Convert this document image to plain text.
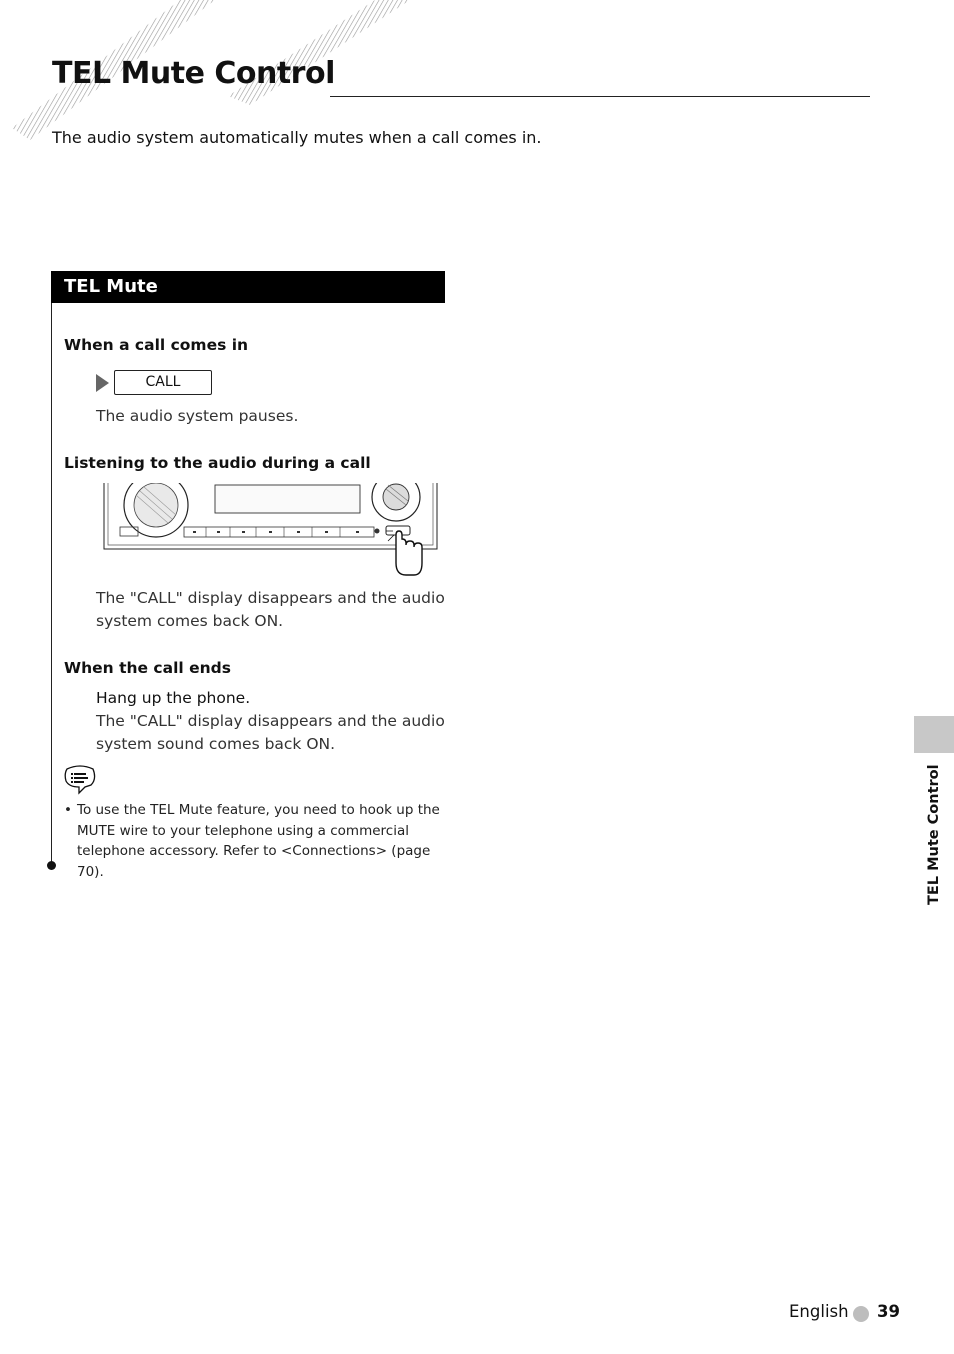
TEL Mute Control
The audio system automatically mutes when a call comes in.
TEL Mute
When a call comes in
CALL
The audio system pauses.
Listening to the audio during a call
The "CALL" display disappears and the audio system comes back ON.
When the call ends
Hang up the phone.
The "CALL" display disappears and the audio system sound comes back ON.
• To use the TEL Mute feature, you need to hook up the MUTE wire to your telephone using a commercial telephone accessory. Refer to <Connections> (page 70).	TEL Mute Control
English 39
